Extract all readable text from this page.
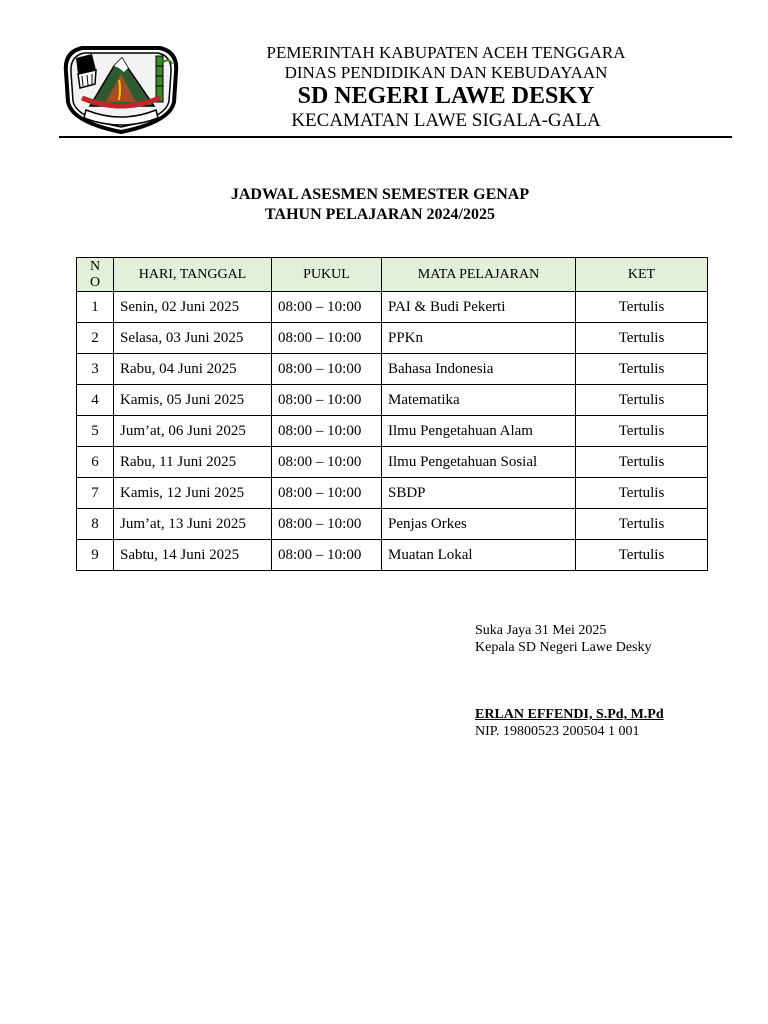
PEMERINTAH KABUPATEN ACEH TENGGARA
DINAS PENDIDIKAN DAN KEBUDAYAAN
SD NEGERI LAWE DESKY
KECAMATAN LAWE SIGALA-GALA
JADWAL ASESMEN SEMESTER GENAP
TAHUN PELAJARAN 2024/2025
NO	HARI, TANGGAL	PUKUL	MATA PELAJARAN	KET
1	Senin, 02 Juni 2025	08:00 – 10:00	PAI & Budi Pekerti	Tertulis
2	Selasa, 03 Juni 2025	08:00 – 10:00	PPKn	Tertulis
3	Rabu, 04 Juni 2025	08:00 – 10:00	Bahasa Indonesia	Tertulis
4	Kamis, 05 Juni 2025	08:00 – 10:00	Matematika	Tertulis
5	Jum’at, 06 Juni 2025	08:00 – 10:00	Ilmu Pengetahuan Alam	Tertulis
6	Rabu, 11 Juni 2025	08:00 – 10:00	Ilmu Pengetahuan Sosial	Tertulis
7	Kamis, 12 Juni 2025	08:00 – 10:00	SBDP	Tertulis
8	Jum’at, 13 Juni 2025	08:00 – 10:00	Penjas Orkes	Tertulis
9	Sabtu, 14 Juni 2025	08:00 – 10:00	Muatan Lokal	Tertulis
Suka Jaya 31 Mei 2025
Kepala SD Negeri Lawe Desky
ERLAN EFFENDI, S.Pd, M.Pd
NIP. 19800523 200504 1 001
